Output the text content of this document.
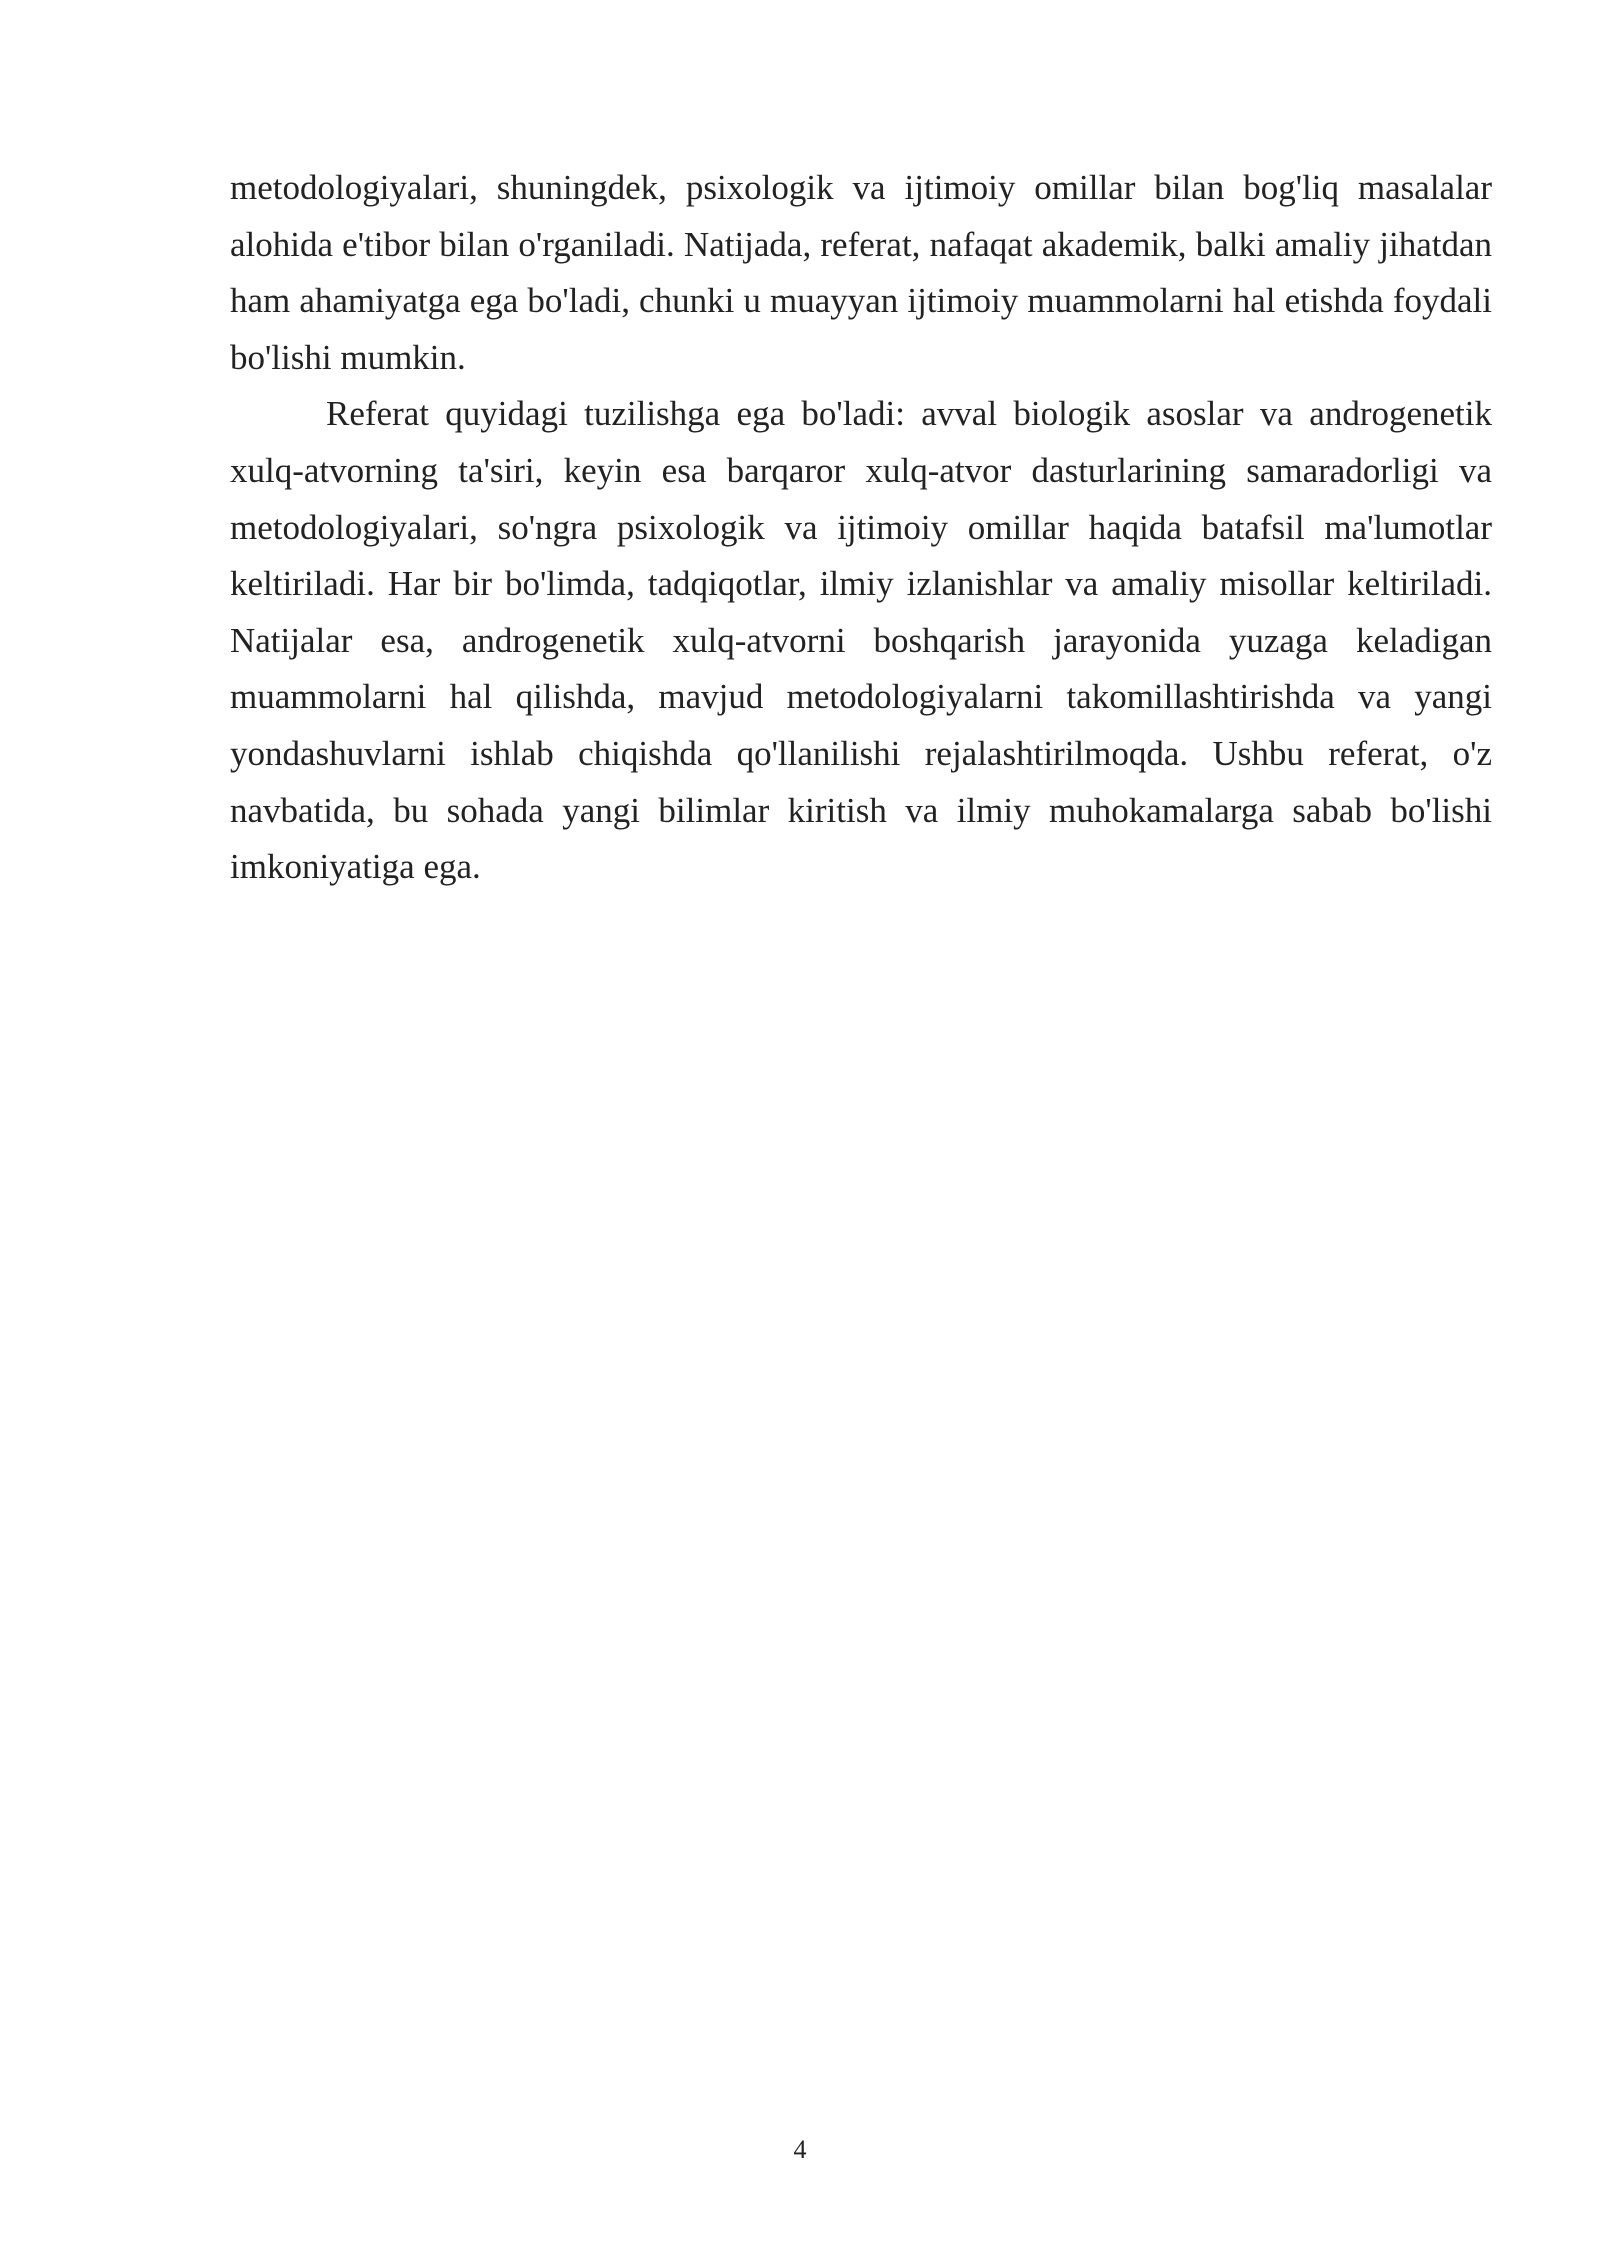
metodologiyalari, shuningdek, psixologik va ijtimoiy omillar bilan bog'liq masalalar alohida e'tibor bilan o'rganiladi. Natijada, referat, nafaqat akademik, balki amaliy jihatdan ham ahamiyatga ega bo'ladi, chunki u muayyan ijtimoiy muammolarni hal etishda foydali bo'lishi mumkin.

Referat quyidagi tuzilishga ega bo'ladi: avval biologik asoslar va androgenetik xulq-atvorning ta'siri, keyin esa barqaror xulq-atvor dasturlarining samaradorligi va metodologiyalari, so'ngra psixologik va ijtimoiy omillar haqida batafsil ma'lumotlar keltiriladi. Har bir bo'limda, tadqiqotlar, ilmiy izlanishlar va amaliy misollar keltiriladi. Natijalar esa, androgenetik xulq-atvorni boshqarish jarayonida yuzaga keladigan muammolarni hal qilishda, mavjud metodologiyalarni takomillashtirishda va yangi yondashuvlarni ishlab chiqishda qo'llanilishi rejalashtirilmoqda. Ushbu referat, o'z navbatida, bu sohada yangi bilimlar kiritish va ilmiy muhokamalarga sabab bo'lishi imkoniyatiga ega.

4
